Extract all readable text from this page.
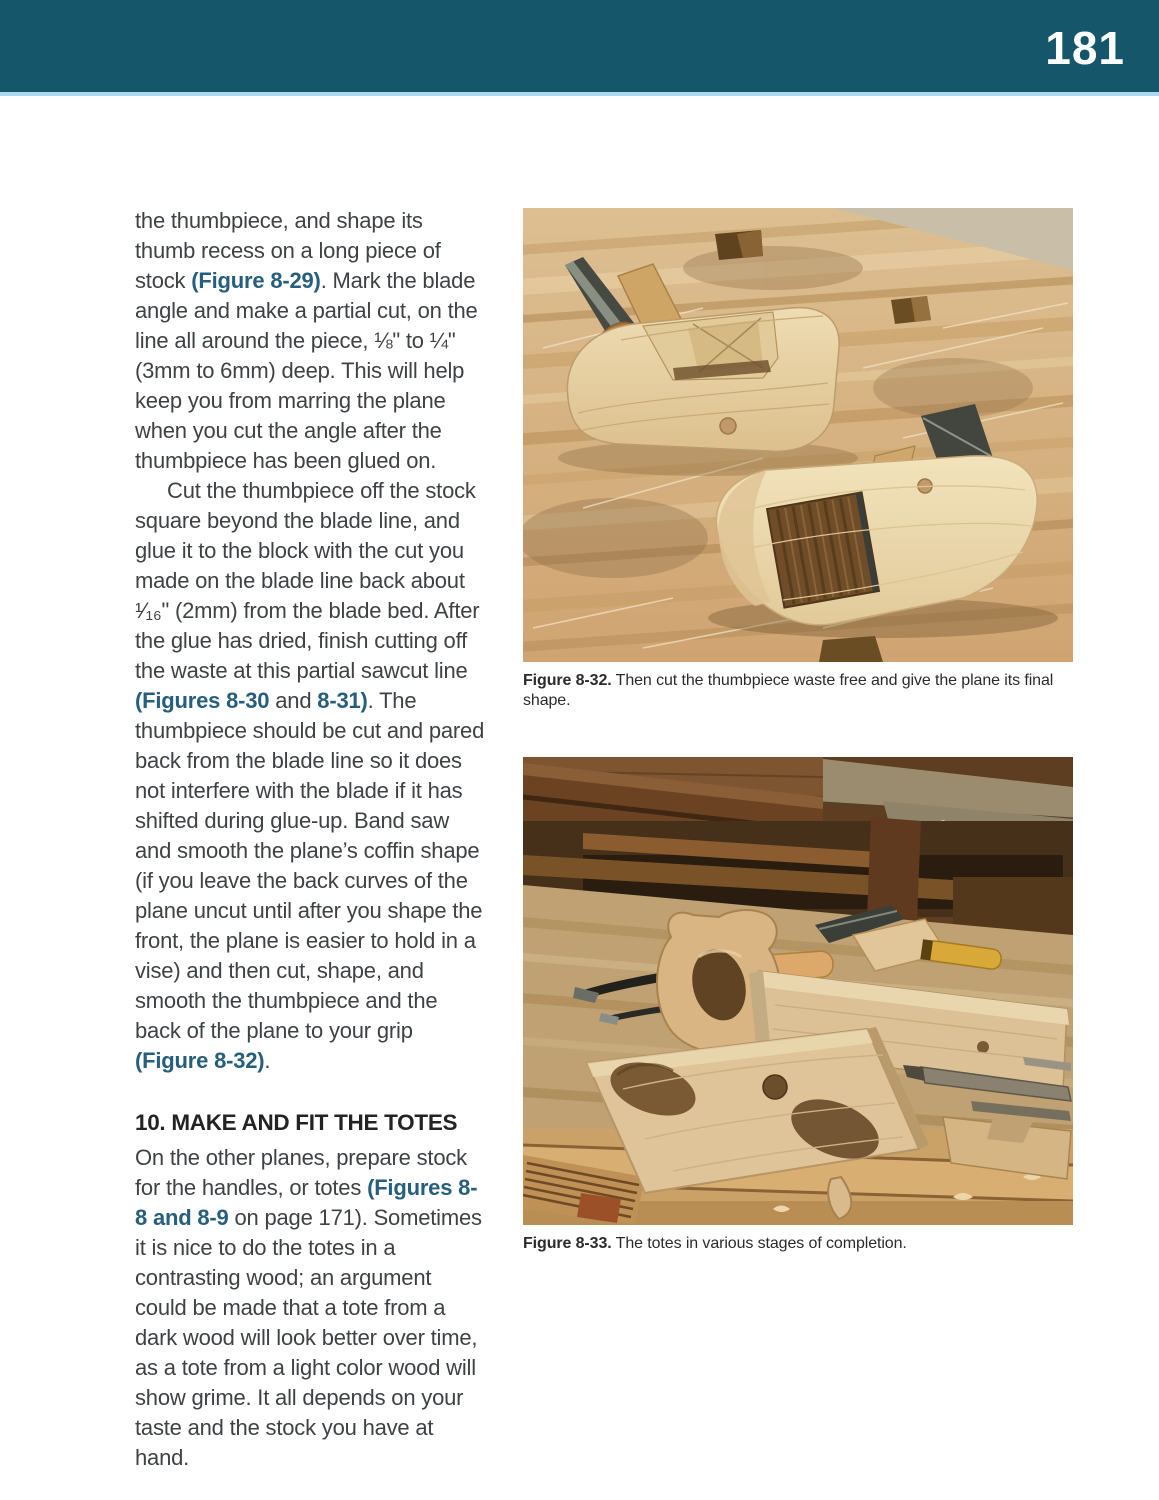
181

the thumbpiece, and shape its thumb recess on a long piece of stock (Figure 8-29). Mark the blade angle and make a partial cut, on the line all around the piece, ⅛" to ¼" (3mm to 6mm) deep. This will help keep you from marring the plane when you cut the angle after the thumbpiece has been glued on.

Cut the thumbpiece off the stock square beyond the blade line, and glue it to the block with the cut you made on the blade line back about ¹⁄₁₆" (2mm) from the blade bed. After the glue has dried, finish cutting off the waste at this partial sawcut line (Figures 8-30 and 8-31). The thumbpiece should be cut and pared back from the blade line so it does not interfere with the blade if it has shifted during glue-up. Band saw and smooth the plane’s coffin shape (if you leave the back curves of the plane uncut until after you shape the front, the plane is easier to hold in a vise) and then cut, shape, and smooth the thumbpiece and the back of the plane to your grip (Figure 8-32).

10. MAKE AND FIT THE TOTES

On the other planes, prepare stock for the handles, or totes (Figures 8-8 and 8-9 on page 171). Sometimes it is nice to do the totes in a contrasting wood; an argument could be made that a tote from a dark wood will look better over time, as a tote from a light color wood will show grime. It all depends on your taste and the stock you have at hand.

Figure 8-32. Then cut the thumbpiece waste free and give the plane its final shape.
Figure 8-33. The totes in various stages of completion.
